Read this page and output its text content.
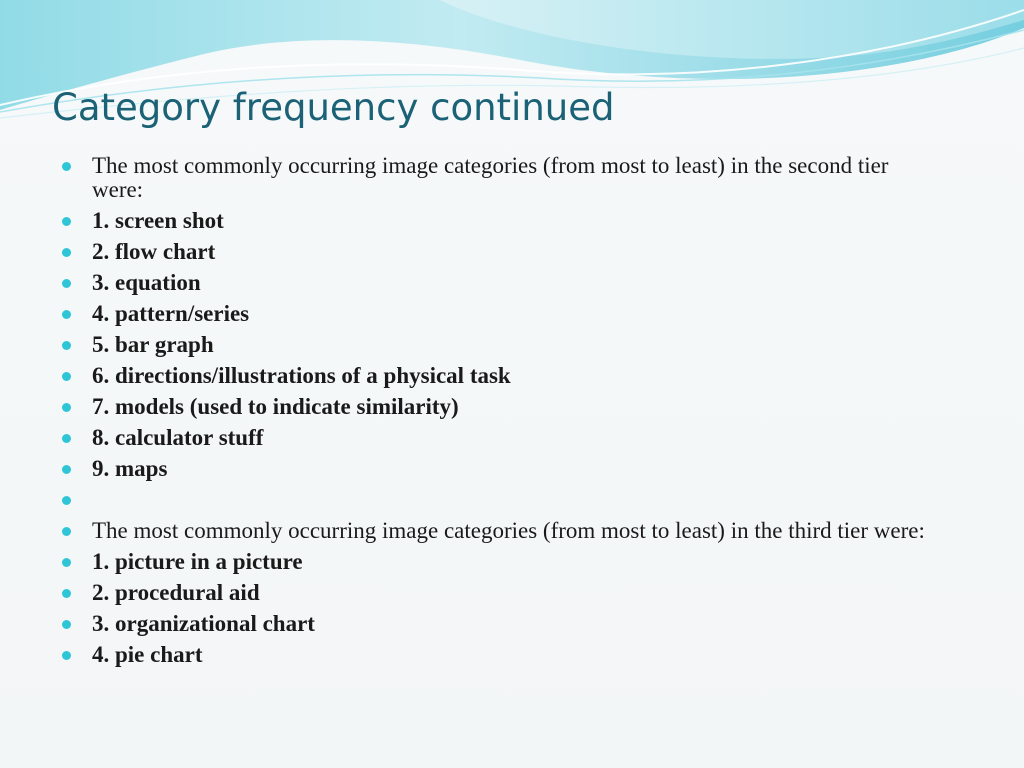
Category frequency continued
The most commonly occurring image categories (from most to least) in the second tier were:
1. screen shot
2. flow chart
3. equation
4. pattern/series
5. bar graph
6. directions/illustrations of a physical task
7. models (used to indicate similarity)
8. calculator stuff
9. maps
The most commonly occurring image categories (from most to least) in the third tier were:
1. picture in a picture
2. procedural aid
3. organizational chart
4. pie chart
